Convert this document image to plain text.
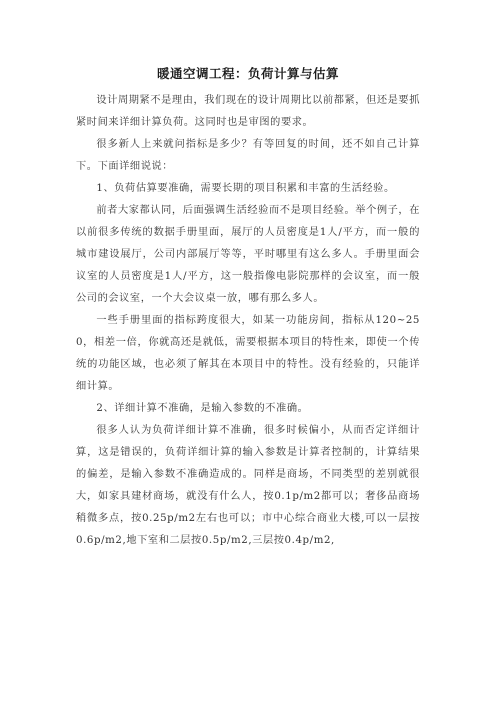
暖通空调工程：负荷计算与估算

设计周期紧不是理由，我们现在的设计周期比以前都紧，但还是要抓紧时间来详细计算负荷。这同时也是审图的要求。

很多新人上来就问指标是多少？有等回复的时间，还不如自己计算下。下面详细说说：

1、负荷估算要准确，需要长期的项目积累和丰富的生活经验。

前者大家都认同，后面强调生活经验而不是项目经验。举个例子，在以前很多传统的数据手册里面，展厅的人员密度是1人/平方，而一般的城市建设展厅，公司内部展厅等等，平时哪里有这么多人。手册里面会议室的人员密度是1人/平方，这一般指像电影院那样的会议室，而一般公司的会议室，一个大会议桌一放，哪有那么多人。

一些手册里面的指标跨度很大，如某一功能房间，指标从120~250，相差一倍，你就高还是就低，需要根据本项目的特性来，即使一个传统的功能区域，也必须了解其在本项目中的特性。没有经验的，只能详细计算。

2、详细计算不准确，是输入参数的不准确。

很多人认为负荷详细计算不准确，很多时候偏小，从而否定详细计算，这是错误的，负荷详细计算的输入参数是计算者控制的，计算结果的偏差，是输入参数不准确造成的。同样是商场，不同类型的差别就很大，如家具建材商场，就没有什么人，按0.1p/m2都可以；奢侈品商场稍微多点，按0.25p/m2左右也可以；市中心综合商业大楼,可以一层按0.6p/m2,地下室和二层按0.5p/m2,三层按0.4p/m2,
